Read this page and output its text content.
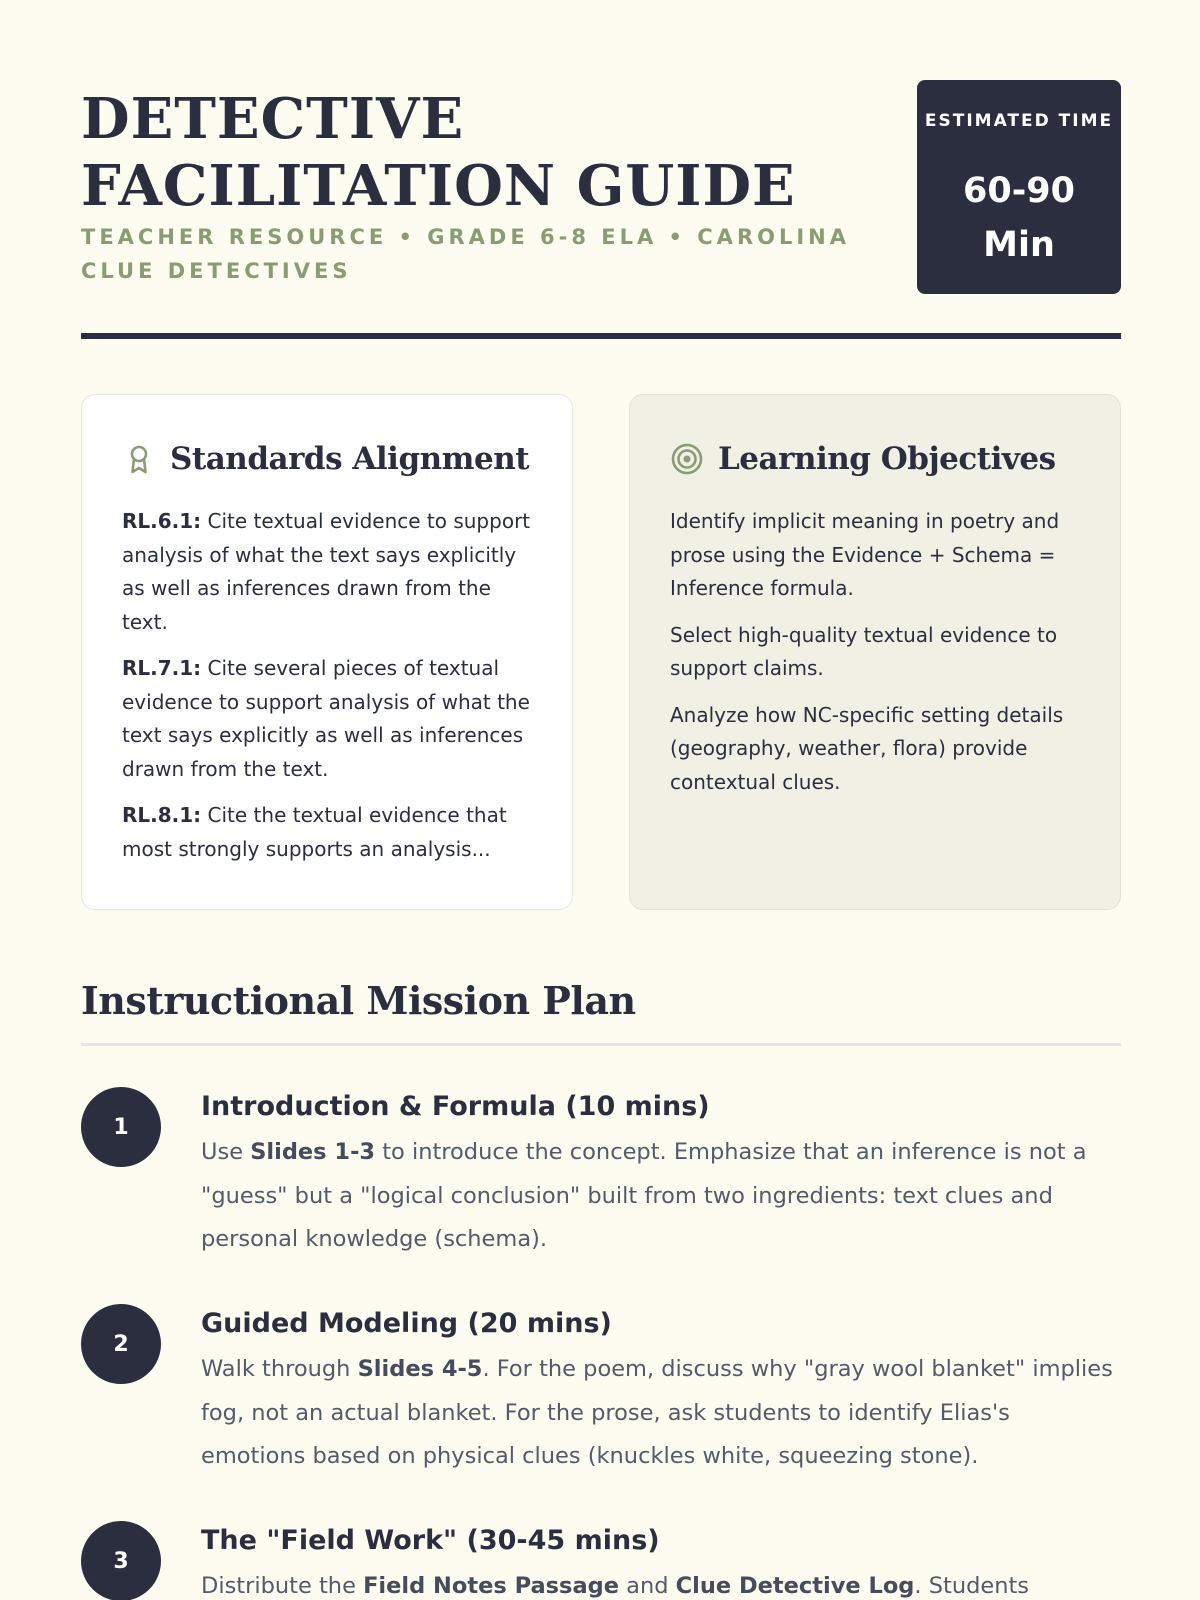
DETECTIVE
FACILITATION GUIDE
TEACHER RESOURCE • GRADE 6-8 ELA • CAROLINA CLUE DETECTIVES
ESTIMATED TIME
60-90
Min
Standards Alignment

RL.6.1: Cite textual evidence to support analysis of what the text says explicitly as well as inferences drawn from the text.

RL.7.1: Cite several pieces of textual evidence to support analysis of what the text says explicitly as well as inferences drawn from the text.

RL.8.1: Cite the textual evidence that most strongly supports an analysis...

Learning Objectives

Identify implicit meaning in poetry and prose using the Evidence + Schema = Inference formula.

Select high-quality textual evidence to support claims.

Analyze how NC-specific setting details (geography, weather, flora) provide contextual clues.

Instructional Mission Plan
1
Introduction & Formula (10 mins)

Use Slides 1-3 to introduce the concept. Emphasize that an inference is not a "guess" but a "logical conclusion" built from two ingredients: text clues and personal knowledge (schema).

2
Guided Modeling (20 mins)

Walk through Slides 4-5. For the poem, discuss why "gray wool blanket" implies fog, not an actual blanket. For the prose, ask students to identify Elias's emotions based on physical clues (knuckles white, squeezing stone).

3
The "Field Work" (30-45 mins)

Distribute the Field Notes Passage and Clue Detective Log. Students
